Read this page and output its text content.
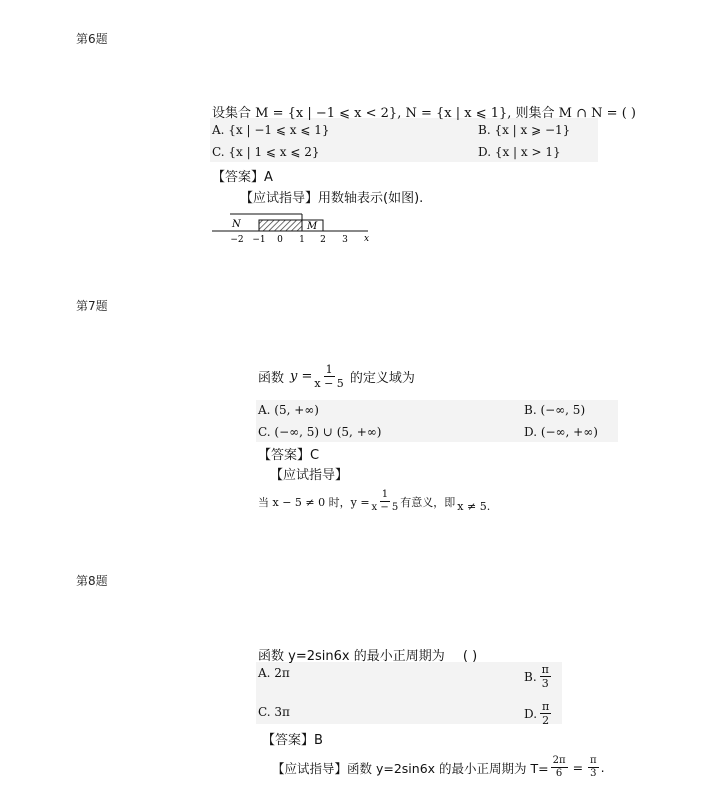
第6题
设集合 M = {x | −1 ⩽ x < 2}, N = {x | x ⩽ 1}, 则集合 M ∩ N = ( )
A. {x | −1 ⩽ x ⩽ 1}	B. {x | x ⩾ −1}
C. {x | 1 ⩽ x ⩽ 2}	D. {x | x > 1}
【答案】A
【应试指导】用数轴表示(如图).
N	M
x
−2 −1 0 1 2 3
第7题
函数 $y = \frac{1}{x - 5}$ 的定义域为
A. (5, +∞)	B. (−∞, 5)
C. (−∞, 5) ∪ (5, +∞)	D. (−∞, +∞)
【答案】C
【应试指导】
当 x − 5 ≠ 0 时，$y = \frac{1}{x - 5}$ 有意义，即 x ≠ 5.
第8题
函数 y=2sin6x 的最小正周期为 ( )
A. 2π	B. $\frac{\pi}{3}$
C. 3π	D. $\frac{\pi}{2}$
【答案】B
【应试指导】函数 y=2sin6x 的最小正周期为 $T= \frac{2\pi}{6} = \frac{\pi}{3}$ .
